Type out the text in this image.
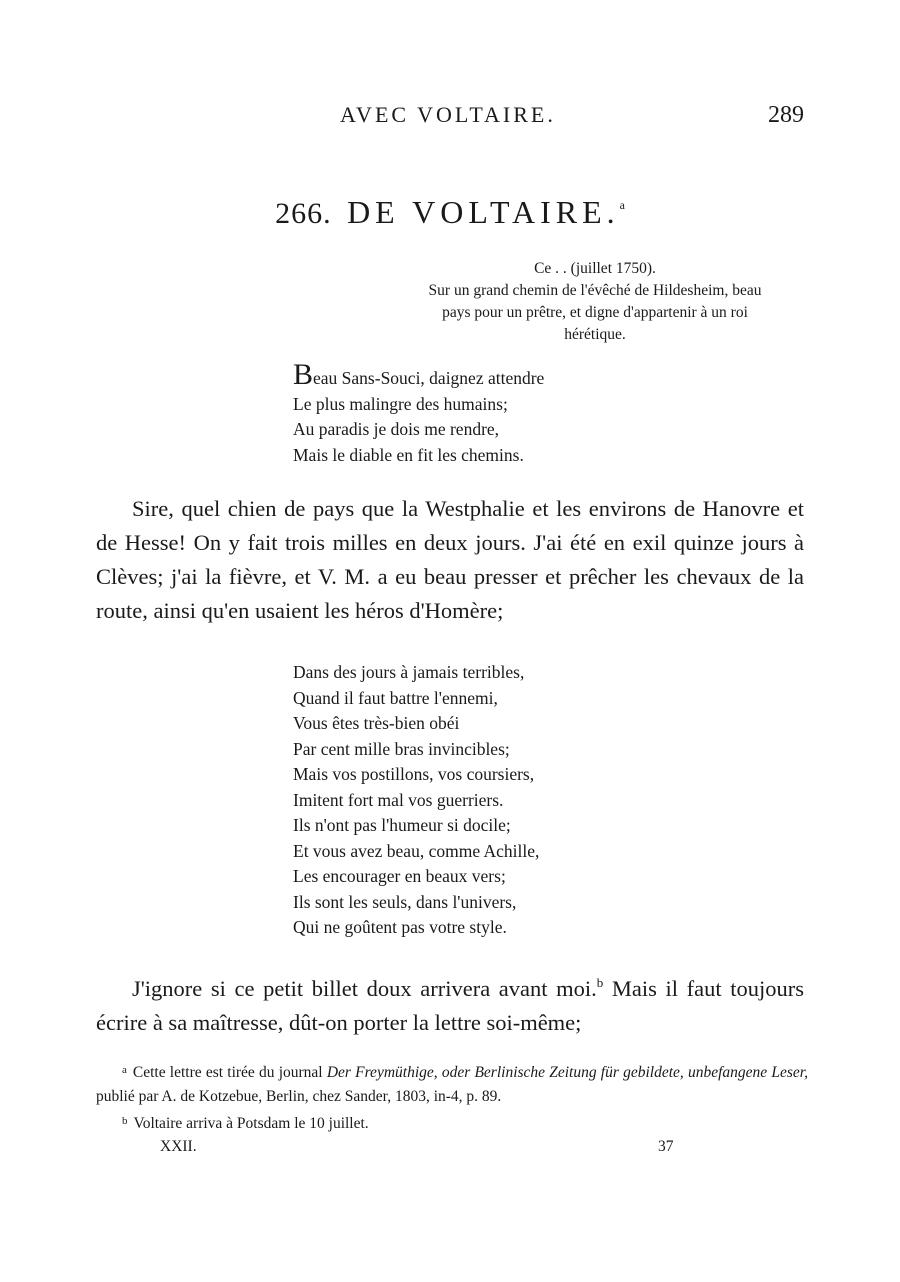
AVEC VOLTAIRE.	289
266. DE VOLTAIRE.$^a$
Ce . . (juillet 1750).
Sur un grand chemin de l'évêché de Hildesheim, beau
pays pour un prêtre, et digne d'appartenir à un roi
hérétique.
Beau Sans-Souci, daignez attendre
Le plus malingre des humains;
Au paradis je dois me rendre,
Mais le diable en fit les chemins.

Sire, quel chien de pays que la Westphalie et les environs de Hanovre et de Hesse! On y fait trois milles en deux jours. J'ai été en exil quinze jours à Clèves; j'ai la fièvre, et V. M. a eu beau presser et prêcher les chevaux de la route, ainsi qu'en usaient les héros d'Homère;

Dans des jours à jamais terribles,
Quand il faut battre l'ennemi,
Vous êtes très-bien obéi
Par cent mille bras invincibles;
Mais vos postillons, vos coursiers,
Imitent fort mal vos guerriers.
Ils n'ont pas l'humeur si docile;
Et vous avez beau, comme Achille,
Les encourager en beaux vers;
Ils sont les seuls, dans l'univers,
Qui ne goûtent pas votre style.

J'ignore si ce petit billet doux arrivera avant moi.$^b$ Mais il faut toujours écrire à sa maîtresse, dût-on porter la lettre soi-même;

$^a$ Cette lettre est tirée du journal Der Freymüthige, oder Berlinische Zeitung für gebildete, unbefangene Leser, publié par A. de Kotzebue, Berlin, chez Sander, 1803, in-4, p. 89.

$^b$ Voltaire arriva à Potsdam le 10 juillet.

XXII.	37
